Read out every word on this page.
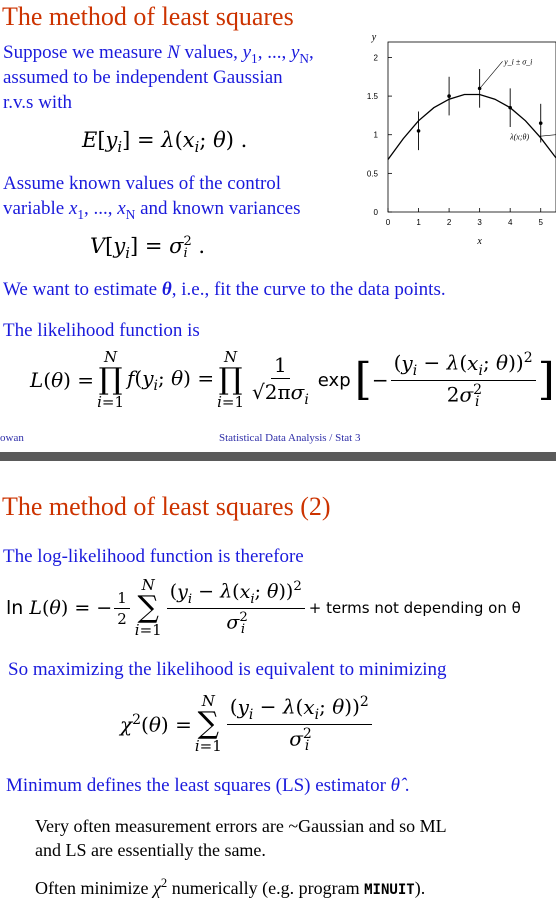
The method of least squares
Suppose we measure N values, $y_1$, ..., $y_N$,
assumed to be independent Gaussian
r.v.s with
$E[y_i] = \lambda(x_i$; θ) .
Assume known values of the control
variable $x_1$, ..., $x_N$ and known variances
$V[y_i] = \sigma$ 2
i .
0	1	2	3	4	5
0
0.5
1
1.5
2
x
y
y_i ± σ_i
λ(x;θ)
We want to estimate θ, i.e., fit the curve to the data points.
The likelihood function is
L(θ) =
N
∏
i=1
$f(y_i$; θ) =
N
∏
$i=1 \frac{1}{√2\pi\sigma_i}$ exp [ − $\frac{(y_i - \lambda(x_i; \theta))^2}{2\sigma^2_i}$ ]
owan	Statistical Data Analysis / Stat 3
The method of least squares (2)
The log-likelihood function is therefore
ln L(θ) = − $\frac{1}{2}$
N
∑
$i=1 \frac{(y_i - \lambda(x_i; \theta))^2}{\sigma^2_i}$ + terms not depending on θ
So maximizing the likelihood is equivalent to minimizing
$\chi^2(\theta)$ =
N
∑
$i=1 \frac{(y_i - \lambda(x_i; \theta))^2}{\sigma^2_i}$
Minimum defines the least squares (LS) estimator θ̂ .
Very often measurement errors are ~Gaussian and so ML
and LS are essentially the same.
Often minimize $\chi^2$ numerically (e.g. program MINUIT).
